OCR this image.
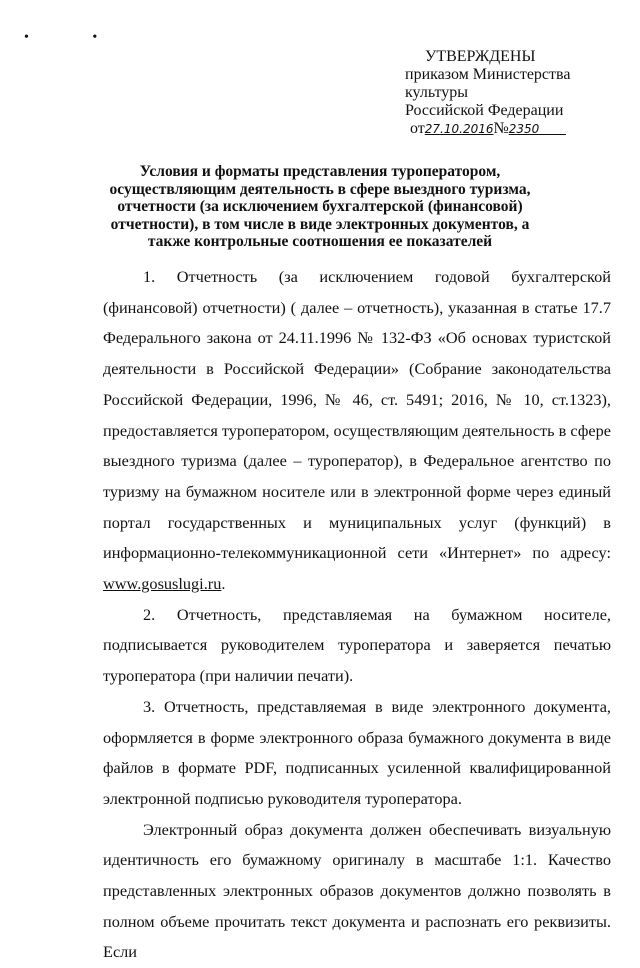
• •
УТВЕРЖДЕНЫ
приказом Министерства культуры
Российской Федерации
от27.10.2016№2350
Условия и форматы представления туроператором, осуществляющим деятельность в сфере выездного туризма, отчетности (за исключением бухгалтерской (финансовой) отчетности), в том числе в виде электронных документов, а также контрольные соотношения ее показателей

1. Отчетность (за исключением годовой бухгалтерской (финансовой) отчетности) ( далее – отчетность), указанная в статье 17.7 Федерального закона от 24.11.1996 № 132-ФЗ «Об основах туристской деятельности в Российской Федерации» (Собрание законодательства Российской Федерации, 1996, № 46, ст. 5491; 2016, № 10, ст.1323), предоставляется туроператором, осуществляющим деятельность в сфере выездного туризма (далее – туроператор), в Федеральное агентство по туризму на бумажном носителе или в электронной форме через единый портал государственных и муниципальных услуг (функций) в информационно-телекоммуникационной сети «Интернет» по адресу: www.gosuslugi.ru.

2. Отчетность, представляемая на бумажном носителе, подписывается руководителем туроператора и заверяется печатью туроператора (при наличии печати).

3. Отчетность, представляемая в виде электронного документа, оформляется в форме электронного образа бумажного документа в виде файлов в формате PDF, подписанных усиленной квалифицированной электронной подписью руководителя туроператора.

Электронный образ документа должен обеспечивать визуальную идентичность его бумажному оригиналу в масштабе 1:1. Качество представленных электронных образов документов должно позволять в полном объеме прочитать текст документа и распознать его реквизиты. Если
